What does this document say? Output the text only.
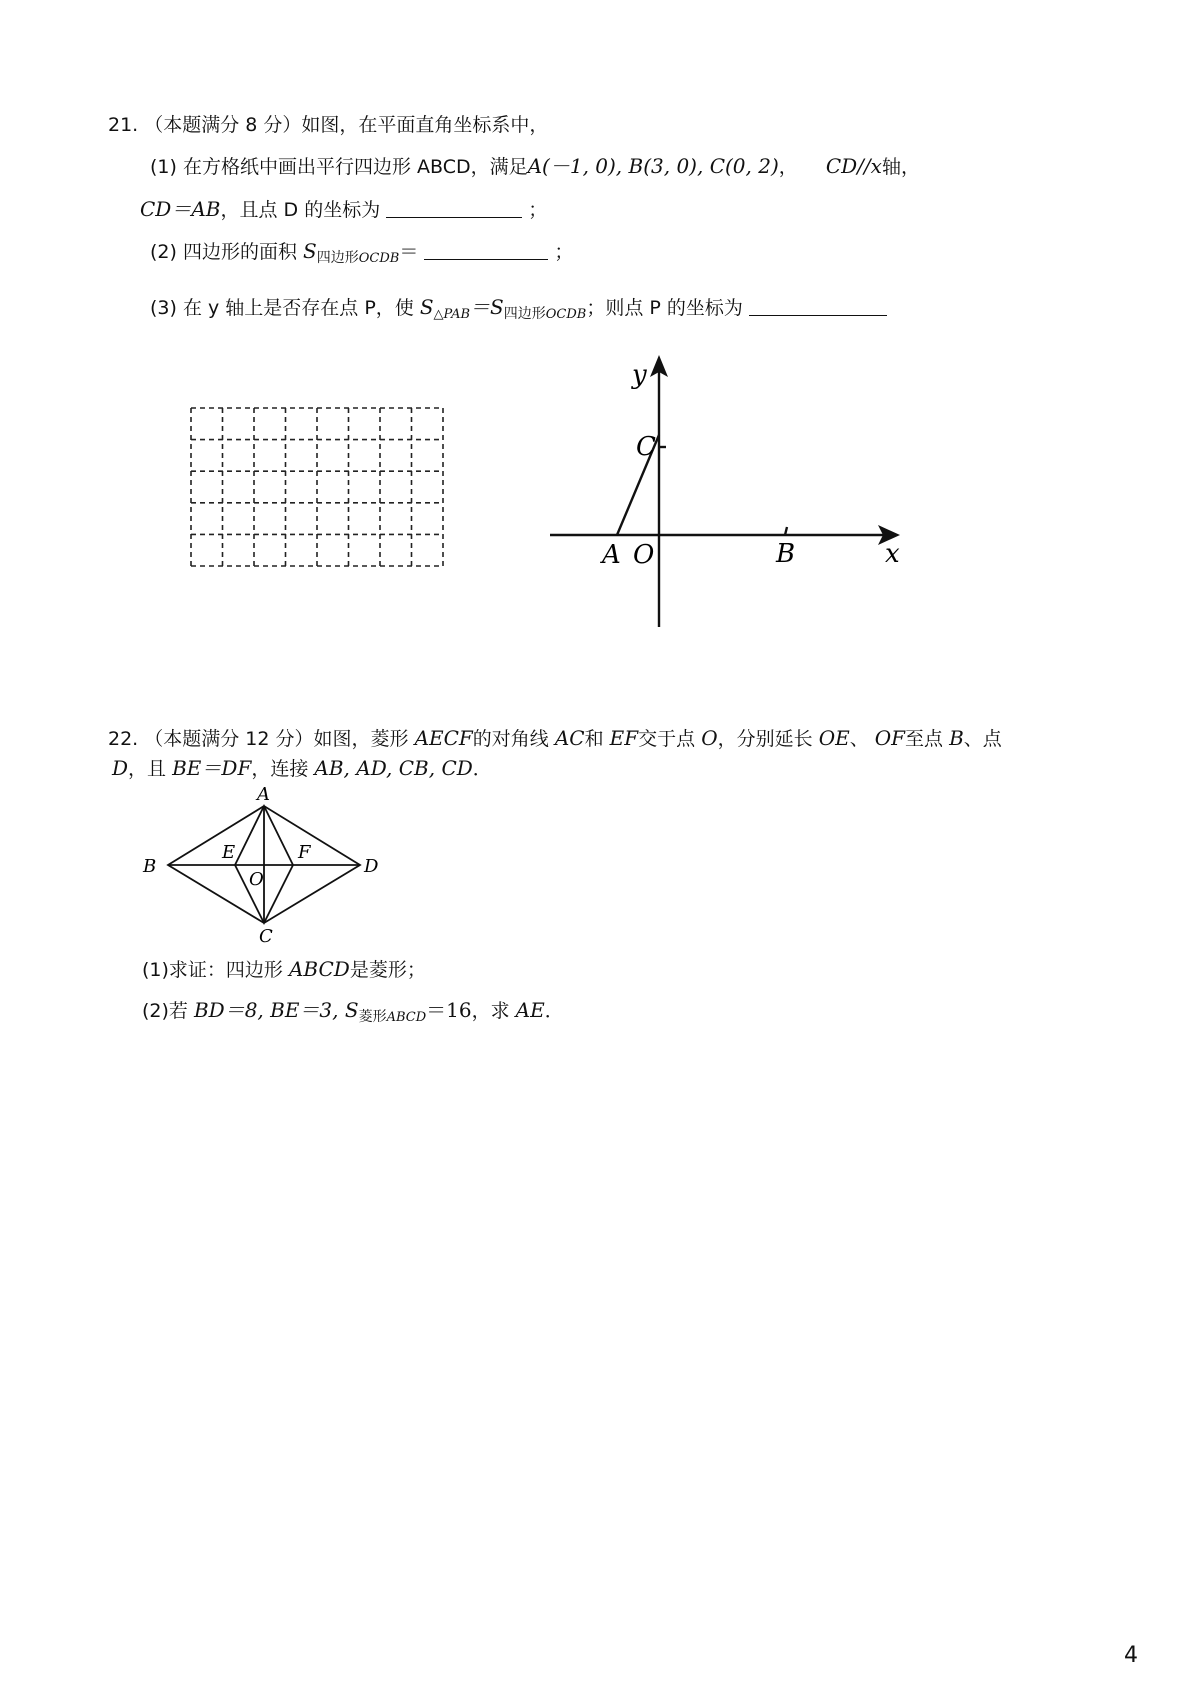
21. （本题满分 8 分）如图，在平面直角坐标系中，
(1) 在方格纸中画出平行四边形 ABCD，满足A(－1, 0), B(3, 0), C(0, 2)， CD//x轴，
CD＝AB，且点 D 的坐标为	；
(2) 四边形的面积 $S_{四边形OCDB}=$	；
(3) 在 y 轴上是否存在点 P，使 $S_{\triangle PAB}=S_{四边形OCDB}$；则点 P 的坐标为
y
x
A O	B
C
22. （本题满分 12 分）如图，菱形 AECF的对角线 AC和 EF交于点 O，分别延长 OE、 OF至点 B、点
D，且 BE＝DF，连接 AB, AD, CB, CD．
A
B
C
D
E	F
O
(1)求证：四边形 ABCD是菱形；
(2)若 BD＝8, BE＝3, $S_{菱形ABCD}=16$，求 AE．
4
